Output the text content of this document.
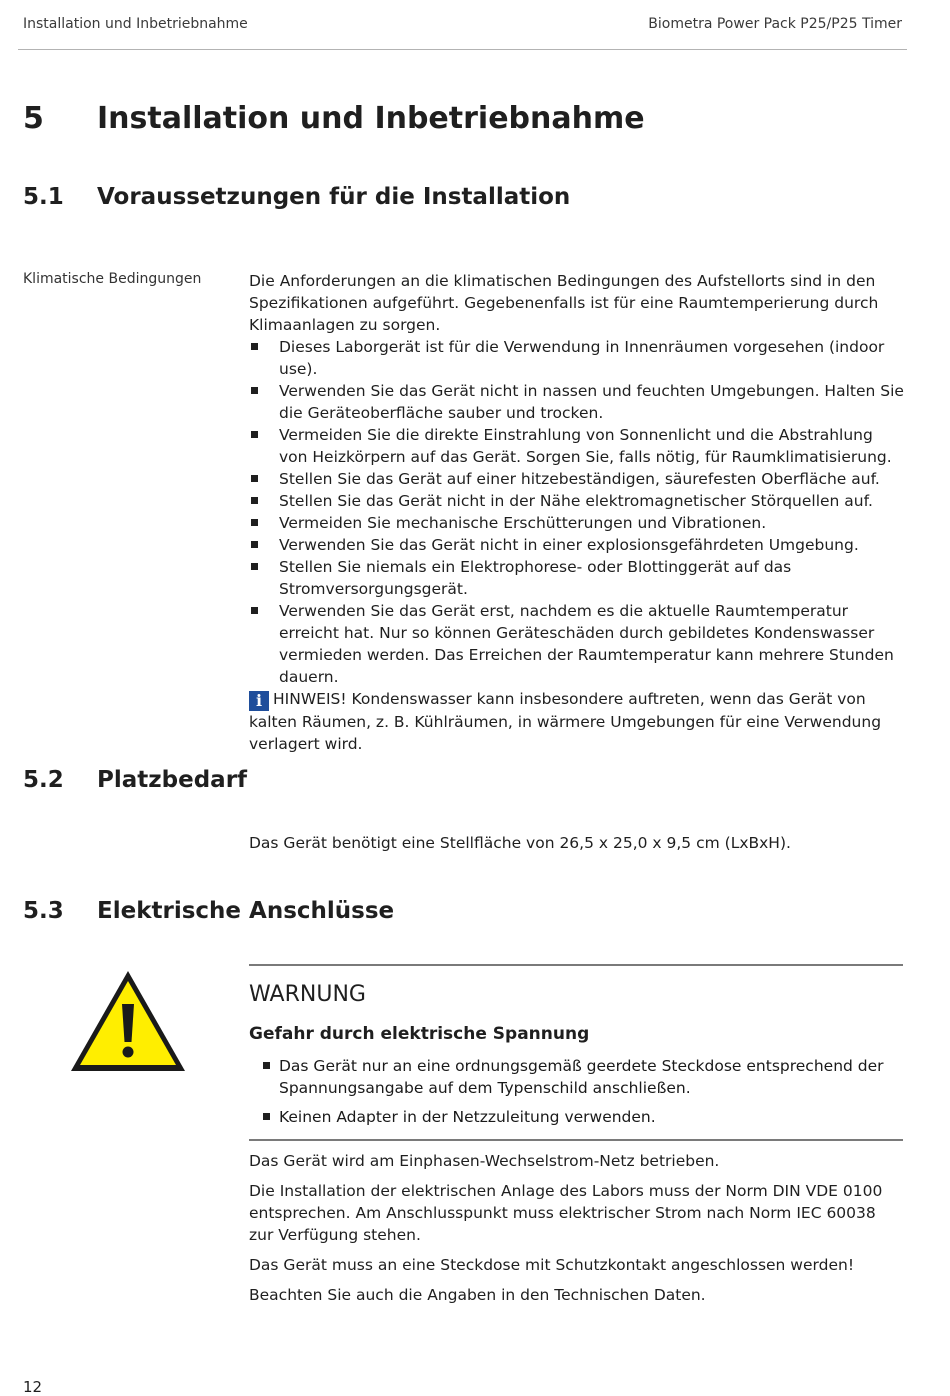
Installation und Inbetriebnahme	Biometra Power Pack P25/P25 Timer
5 Installation und Inbetriebnahme
5.1 Voraussetzungen für die Installation
Klimatische Bedingungen	Die Anforderungen an die klimatischen Bedingungen des Aufstellorts sind in den Spezifikationen aufgeführt. Gegebenenfalls ist für eine Raumtemperierung durch Klimaanlagen zu sorgen.

Dieses Laborgerät ist für die Verwendung in Innenräumen vorgesehen (indoor use).
Verwenden Sie das Gerät nicht in nassen und feuchten Umgebungen. Halten Sie die Geräteoberfläche sauber und trocken.
Vermeiden Sie die direkte Einstrahlung von Sonnenlicht und die Abstrahlung von Heizkörpern auf das Gerät. Sorgen Sie, falls nötig, für Raumklimatisierung.
Stellen Sie das Gerät auf einer hitzebeständigen, säurefesten Oberfläche auf.
Stellen Sie das Gerät nicht in der Nähe elektromagnetischer Störquellen auf.
Vermeiden Sie mechanische Erschütterungen und Vibrationen.
Verwenden Sie das Gerät nicht in einer explosionsgefährdeten Umgebung.
Stellen Sie niemals ein Elektrophorese- oder Blottinggerät auf das Stromversorgungsgerät.
Verwenden Sie das Gerät erst, nachdem es die aktuelle Raumtemperatur erreicht hat. Nur so können Geräteschäden durch gebildetes Kondenswasser vermieden werden. Das Erreichen der Raumtemperatur kann mehrere Stunden dauern.

i HINWEIS! Kondenswasser kann insbesondere auftreten, wenn das Gerät von kalten Räumen, z. B. Kühlräumen, in wärmere Umgebungen für eine Verwendung verlagert wird.

5.2 Platzbedarf
Das Gerät benötigt eine Stellfläche von 26,5 x 25,0 x 9,5 cm (LxBxH).
5.3 Elektrische Anschlüsse
WARNUNG
Gefahr durch elektrische Spannung
Das Gerät nur an eine ordnungsgemäß geerdete Steckdose entsprechend der Spannungsangabe auf dem Typenschild anschließen.
Keinen Adapter in der Netzzuleitung verwenden.

Das Gerät wird am Einphasen-Wechselstrom-Netz betrieben.

Die Installation der elektrischen Anlage des Labors muss der Norm DIN VDE 0100 entsprechen. Am Anschlusspunkt muss elektrischer Strom nach Norm IEC 60038 zur Verfügung stehen.

Das Gerät muss an eine Steckdose mit Schutzkontakt angeschlossen werden!

Beachten Sie auch die Angaben in den Technischen Daten.

12
